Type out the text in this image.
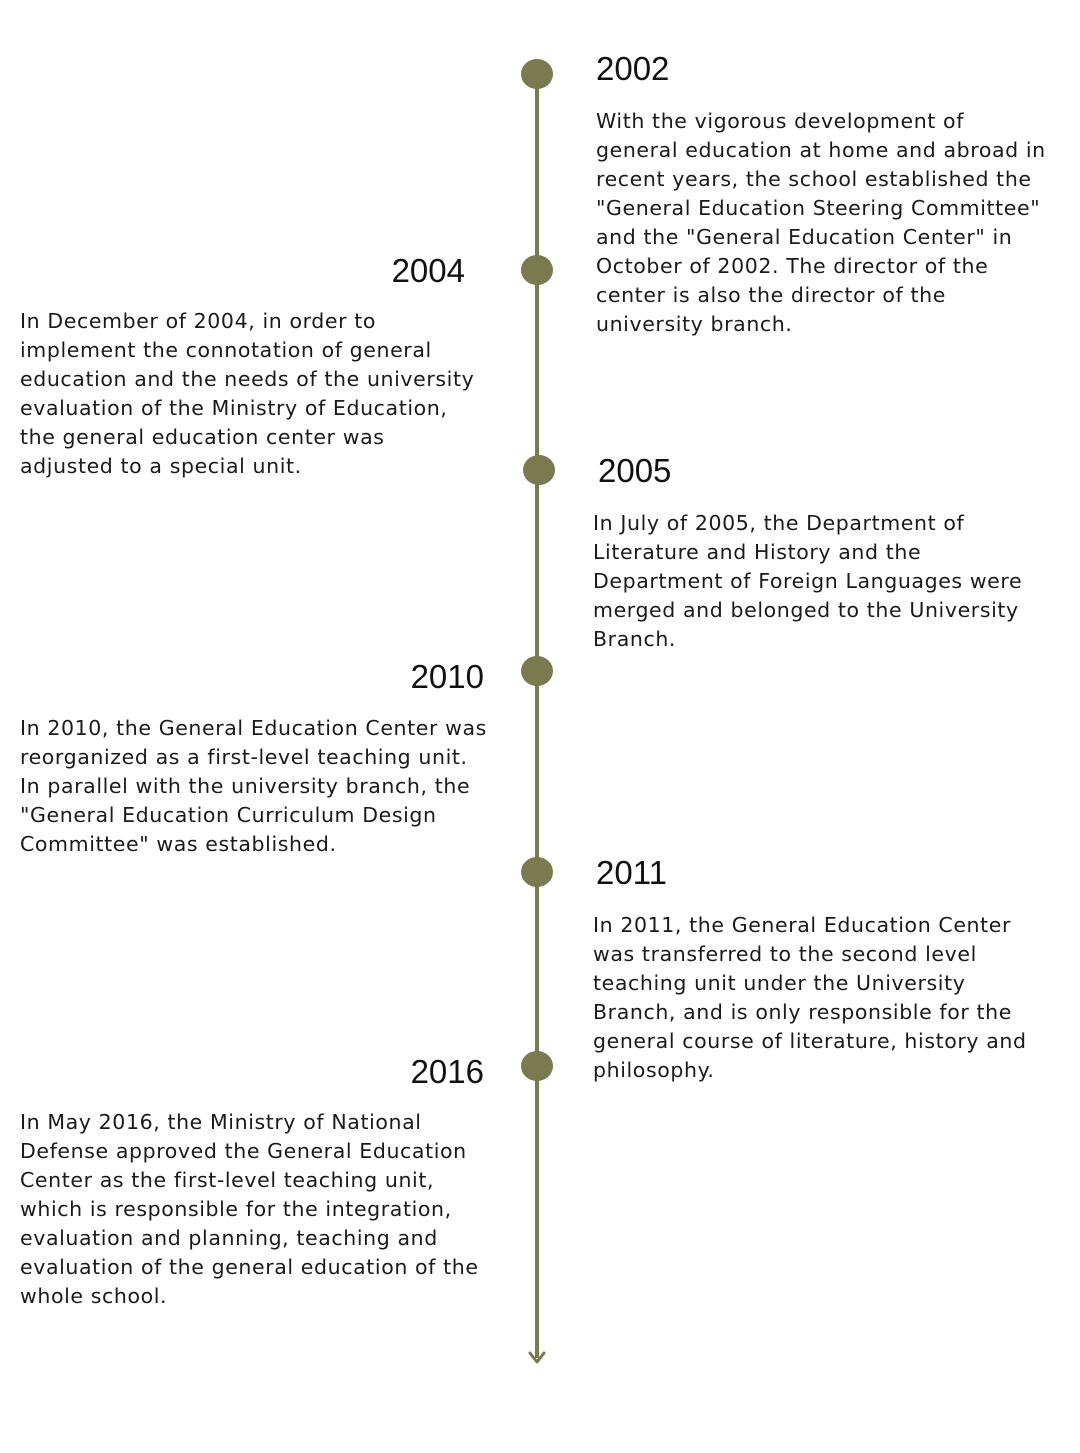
2002

With the vigorous development of
general education at home and abroad in
recent years, the school established the
"General Education Steering Committee"
and the "General Education Center" in
October of 2002. The director of the
center is also the director of the
university branch.

2004

In December of 2004, in order to
implement the connotation of general
education and the needs of the university
evaluation of the Ministry of Education,
the general education center was
adjusted to a special unit.	2005

In July of 2005, the Department of
Literature and History and the
Department of Foreign Languages were
merged and belonged to the University
Branch.

2010

In 2010, the General Education Center was
reorganized as a first-level teaching unit.
In parallel with the university branch, the
"General Education Curriculum Design
Committee" was established.

2011

In 2011, the General Education Center
was transferred to the second level
teaching unit under the University
Branch, and is only responsible for the
general course of literature, history and
philosophy.

2016

In May 2016, the Ministry of National
Defense approved the General Education
Center as the first-level teaching unit,
which is responsible for the integration,
evaluation and planning, teaching and
evaluation of the general education of the
whole school.
